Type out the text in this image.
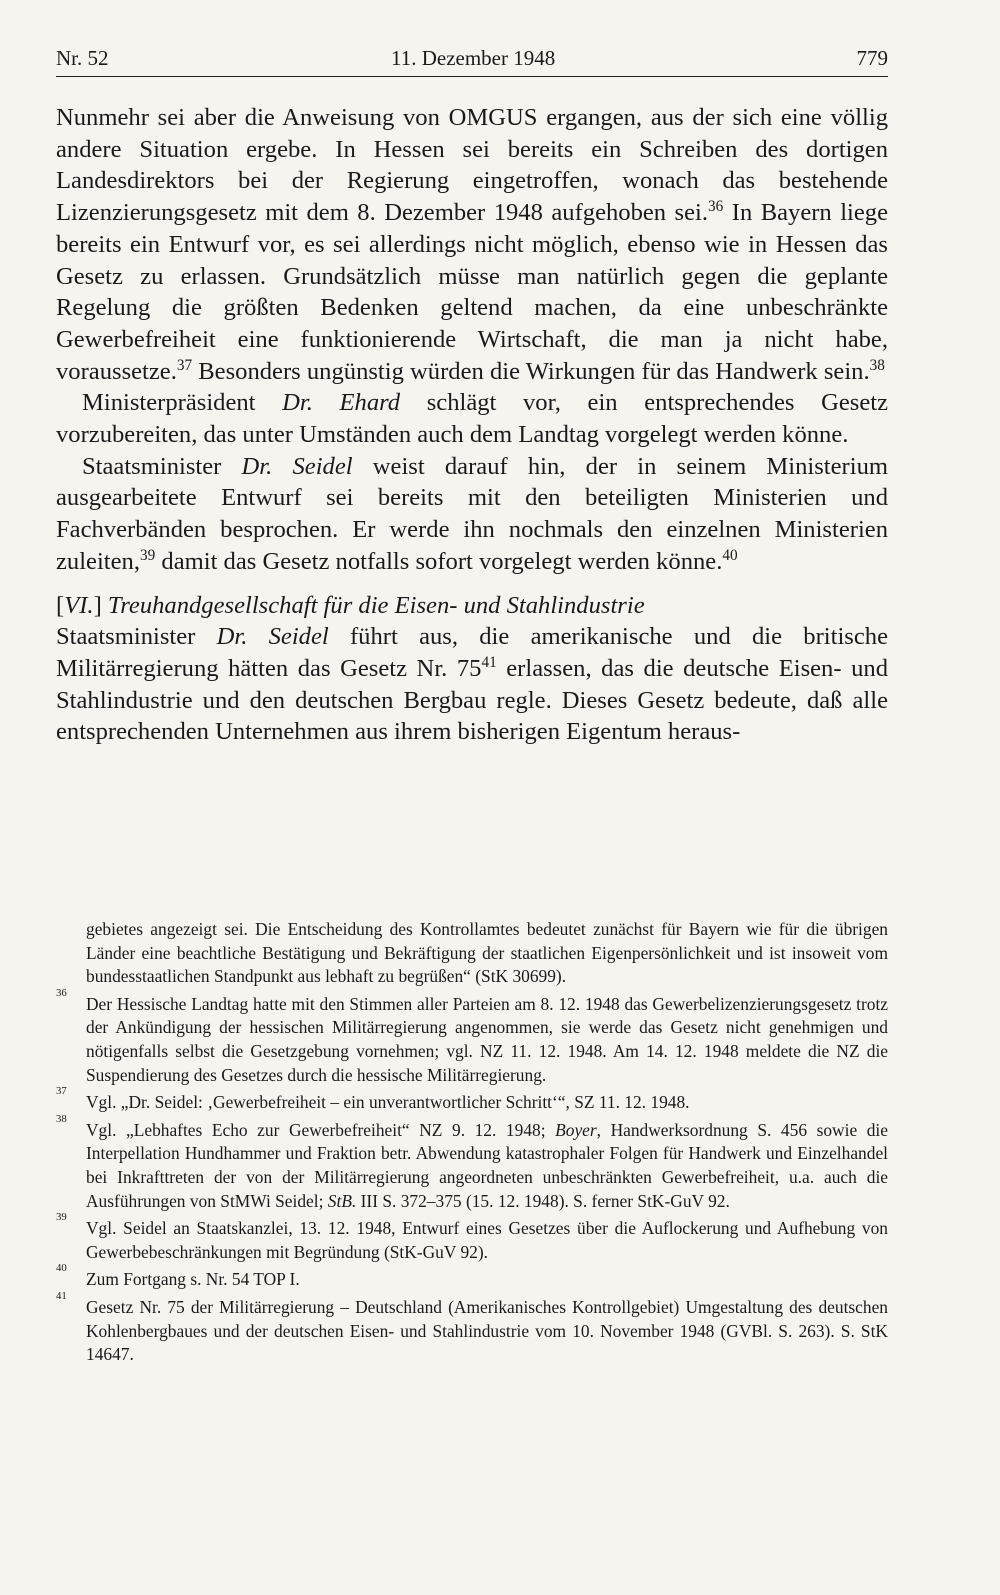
Nr. 52	11. Dezember 1948	779

Nunmehr sei aber die Anweisung von OMGUS ergangen, aus der sich eine völlig andere Situation ergebe. In Hessen sei bereits ein Schreiben des dortigen Landesdirektors bei der Regierung eingetroffen, wonach das bestehende Lizenzierungsgesetz mit dem 8. Dezember 1948 aufgehoben sei.$^{36}$ In Bayern liege bereits ein Entwurf vor, es sei allerdings nicht möglich, ebenso wie in Hessen das Gesetz zu erlassen. Grundsätzlich müsse man natürlich gegen die geplante Regelung die größten Bedenken geltend machen, da eine unbeschränkte Gewerbefreiheit eine funktionierende Wirtschaft, die man ja nicht habe, voraussetze.$^{37}$ Besonders ungünstig würden die Wirkungen für das Handwerk sein.$^{38}$

Ministerpräsident Dr. Ehard schlägt vor, ein entsprechendes Gesetz vorzubereiten, das unter Umständen auch dem Landtag vorgelegt werden könne.

Staatsminister Dr. Seidel weist darauf hin, der in seinem Ministerium ausgearbeitete Entwurf sei bereits mit den beteiligten Ministerien und Fachverbänden besprochen. Er werde ihn nochmals den einzelnen Ministerien zuleiten,$^{39}$ damit das Gesetz notfalls sofort vorgelegt werden könne.$^{40}$

[VI.] Treuhandgesellschaft für die Eisen- und Stahlindustrie

Staatsminister Dr. Seidel führt aus, die amerikanische und die britische Militärregierung hätten das Gesetz Nr. $75^{41}$ erlassen, das die deutsche Eisen- und Stahlindustrie und den deutschen Bergbau regle. Dieses Gesetz bedeute, daß alle entsprechenden Unternehmen aus ihrem bisherigen Eigentum heraus-

gebietes angezeigt sei. Die Entscheidung des Kontrollamtes bedeutet zunächst für Bayern wie für die übrigen Länder eine beachtliche Bestätigung und Bekräftigung der staatlichen Eigenpersönlichkeit und ist insoweit vom bundesstaatlichen Standpunkt aus lebhaft zu begrüßen“ (StK 30699).

36
Der Hessische Landtag hatte mit den Stimmen aller Parteien am 8. 12. 1948 das Gewerbelizenzierungsgesetz trotz der Ankündigung der hessischen Militärregierung angenommen, sie werde das Gesetz nicht genehmigen und nötigenfalls selbst die Gesetzgebung vornehmen; vgl. NZ 11. 12. 1948. Am 14. 12. 1948 meldete die NZ die Suspendierung des Gesetzes durch die hessische Militärregierung.

37
Vgl. „Dr. Seidel: ‚Gewerbefreiheit – ein unverantwortlicher Schritt‘“, SZ 11. 12. 1948.

38
Vgl. „Lebhaftes Echo zur Gewerbefreiheit“ NZ 9. 12. 1948; Boyer, Handwerksordnung S. 456 sowie die Interpellation Hundhammer und Fraktion betr. Abwendung katastrophaler Folgen für Handwerk und Einzelhandel bei Inkrafttreten der von der Militärregierung angeordneten unbeschränkten Gewerbefreiheit, u.a. auch die Ausführungen von StMWi Seidel; StB. III S. 372–375 (15. 12. 1948). S. ferner StK-GuV 92.

39
Vgl. Seidel an Staatskanzlei, 13. 12. 1948, Entwurf eines Gesetzes über die Auflockerung und Aufhebung von Gewerbebeschränkungen mit Begründung (StK-GuV 92).

40
Zum Fortgang s. Nr. 54 TOP I.

41
Gesetz Nr. 75 der Militärregierung – Deutschland (Amerikanisches Kontrollgebiet) Umgestaltung des deutschen Kohlenbergbaues und der deutschen Eisen- und Stahlindustrie vom 10. November 1948 (GVBl. S. 263). S. StK 14647.
